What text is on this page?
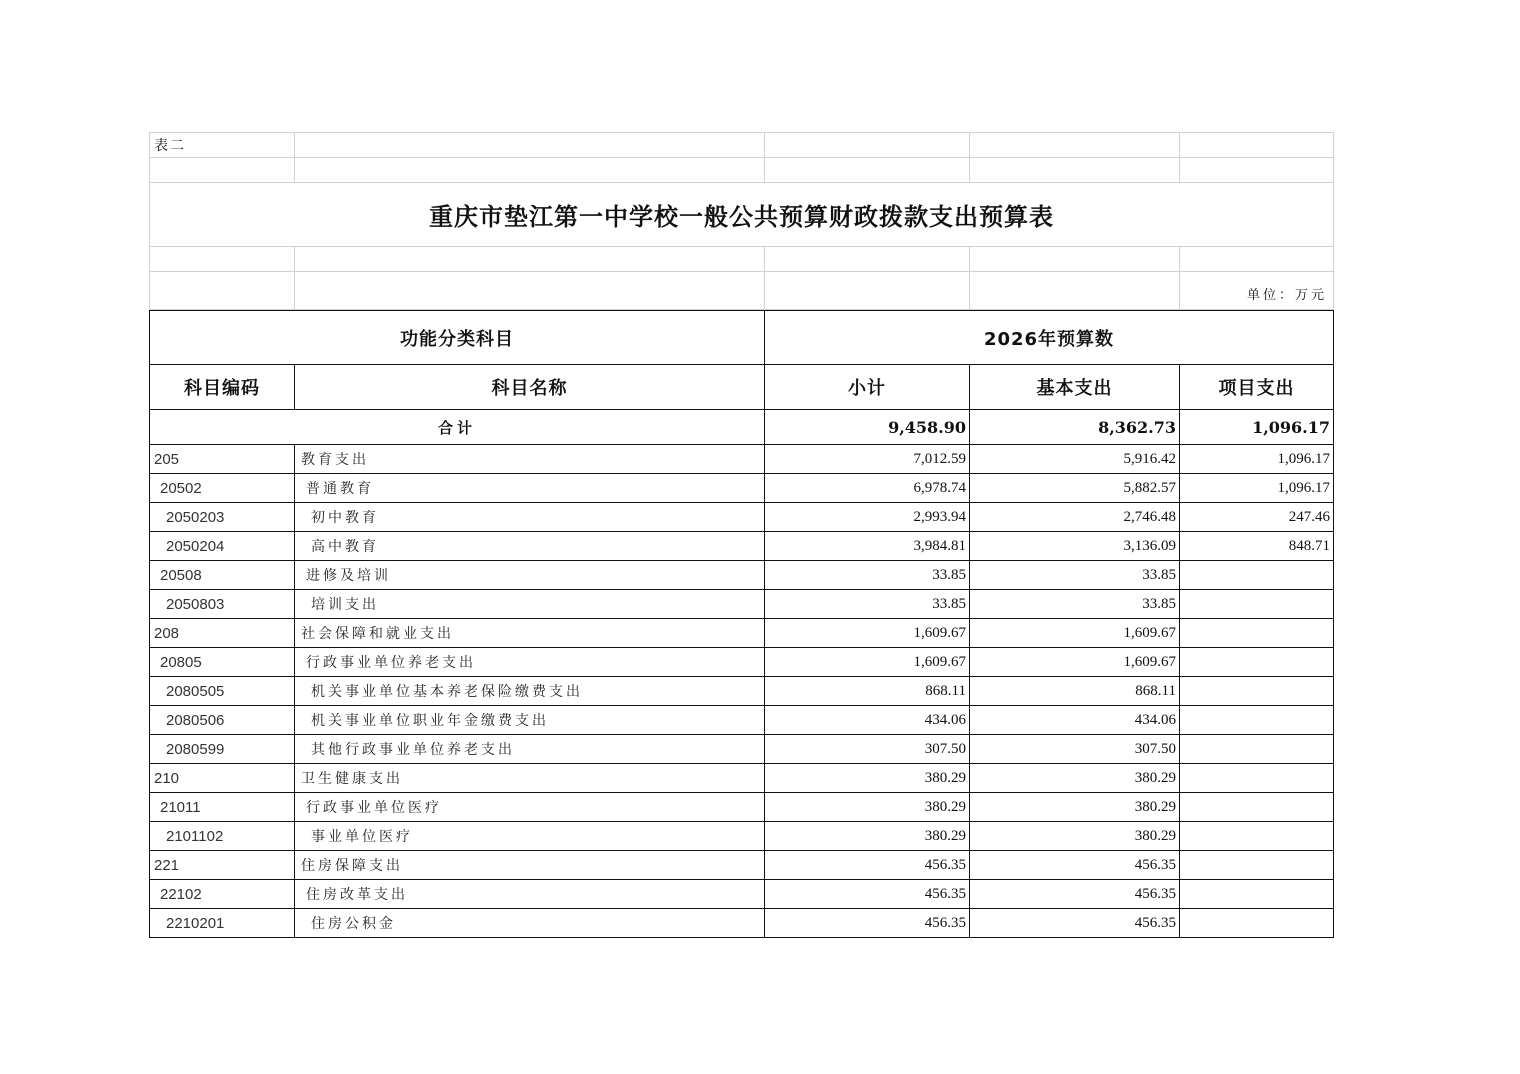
表二				

重庆市垫江第一中学校一般公共预算财政拨款支出预算表				

				单位：万元
功能分类科目		2026年预算数		
科目编码	科目名称	小计	基本支出	项目支出
合计		9,458.90	8,362.73	1,096.17
205	教育支出	7,012.59	5,916.42	1,096.17
20502	普通教育	6,978.74	5,882.57	1,096.17
2050203	初中教育	2,993.94	2,746.48	247.46
2050204	高中教育	3,984.81	3,136.09	848.71
20508	进修及培训	33.85	33.85	
2050803	培训支出	33.85	33.85	
208	社会保障和就业支出	1,609.67	1,609.67	
20805	行政事业单位养老支出	1,609.67	1,609.67	
2080505	机关事业单位基本养老保险缴费支出	868.11	868.11	
2080506	机关事业单位职业年金缴费支出	434.06	434.06	
2080599	其他行政事业单位养老支出	307.50	307.50	
210	卫生健康支出	380.29	380.29	
21011	行政事业单位医疗	380.29	380.29	
2101102	事业单位医疗	380.29	380.29	
221	住房保障支出	456.35	456.35	
22102	住房改革支出	456.35	456.35	
2210201	住房公积金	456.35	456.35	
